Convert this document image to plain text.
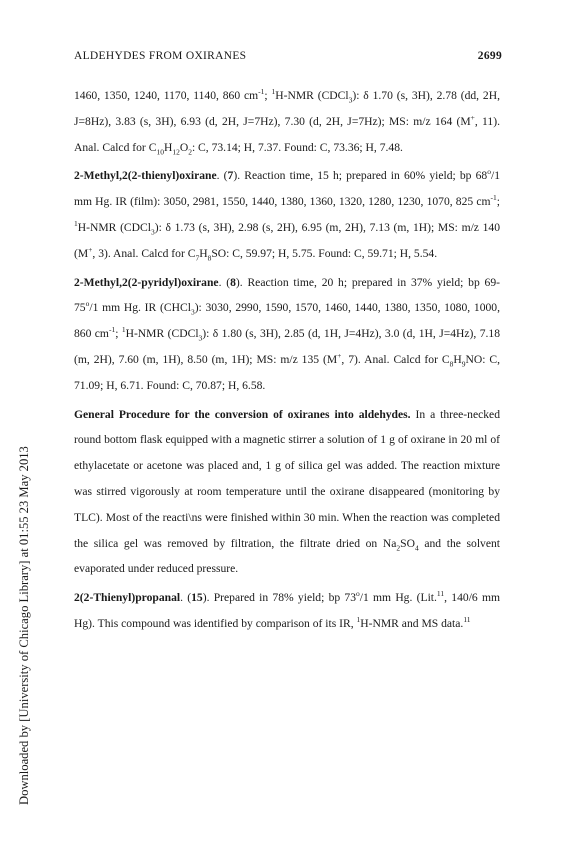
ALDEHYDES FROM OXIRANES	2699

1460, 1350, 1240, 1170, 1140, 860 $cm^{-1}$; $^1$H-NMR (CDCl$_3$): δ 1.70 (s, 3H), 2.78 (dd, 2H, J=8Hz), 3.83 (s, 3H), 6.93 (d, 2H, J=7Hz), 7.30 (d, 2H, J=7Hz); MS: m/z 164 (M+, 11). Anal. Calcd for $C_{10}H_{12}O_2$: C, 73.14; H, 7.37. Found: C, 73.36; H, 7.48.

2-Methyl,2(2-thienyl)oxirane. (7). Reaction time, 15 h; prepared in 60% yield; bp 68$^o$/1 mm Hg. IR (film): 3050, 2981, 1550, 1440, 1380, 1360, 1320, 1280, 1230, 1070, 825 $cm^{-1}$; $^1$H-NMR (CDCl$_3$): δ 1.73 (s, 3H), 2.98 (s, 2H), 6.95 (m, 2H), 7.13 (m, 1H); MS: m/z 140 (M+, 3). Anal. Calcd for $C_7H_8SO$: C, 59.97; H, 5.75. Found: C, 59.71; H, 5.54.

2-Methyl,2(2-pyridyl)oxirane. (8). Reaction time, 20 h; prepared in 37% yield; bp 69-75$^o$/1 mm Hg. IR (CHCl$_3$): 3030, 2990, 1590, 1570, 1460, 1440, 1380, 1350, 1080, 1000, 860 $cm^{-1}$; $^1$H-NMR (CDCl$_3$): δ 1.80 (s, 3H), 2.85 (d, 1H, J=4Hz), 3.0 (d, 1H, J=4Hz), 7.18 (m, 2H), 7.60 (m, 1H), 8.50 (m, 1H); MS: m/z 135 (M+, 7). Anal. Calcd for $C_8H_9NO$: C, 71.09; H, 6.71. Found: C, 70.87; H, 6.58.

General Procedure for the conversion of oxiranes into aldehydes. In a three-necked round bottom flask equipped with a magnetic stirrer a solution of 1 g of oxirane in 20 ml of ethylacetate or acetone was placed and, 1 g of silica gel was added. The reaction mixture was stirred vigorously at room temperature until the oxirane disappeared (monitoring by TLC). Most of the reacti\ns were finished within 30 min. When the reaction was completed the silica gel was removed by filtration, the filtrate dried on $Na_2SO_4$ and the solvent evaporated under reduced pressure.

2(2-Thienyl)propanal. (15). Prepared in 78% yield; bp 73$^o$/1 mm Hg. (Lit.$^{11}$, 140/6 mm Hg). This compound was identified by comparison of its IR, $^1$H-NMR and MS data.$^{11}$

Downloaded by [University of Chicago Library] at 01:55 23 May 2013
